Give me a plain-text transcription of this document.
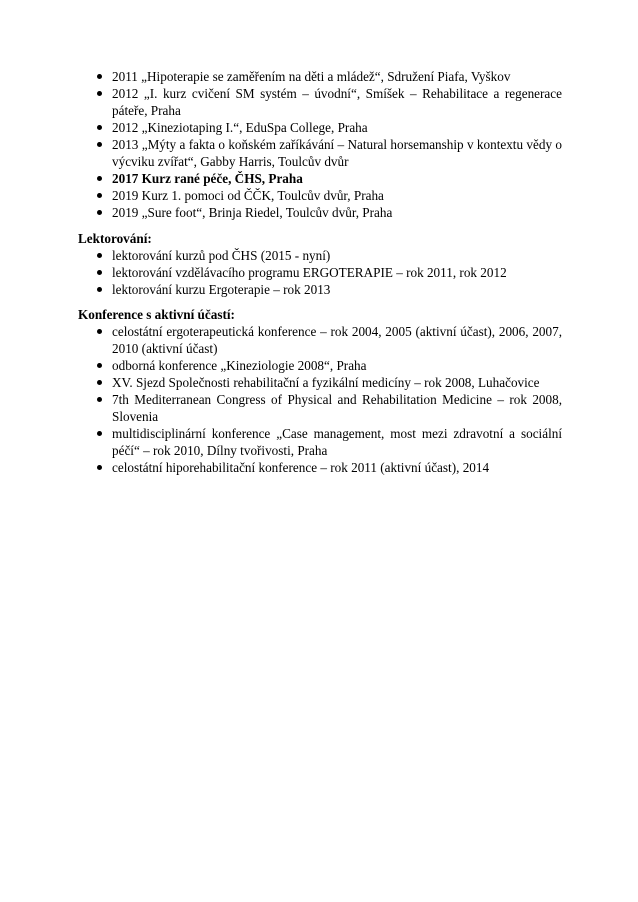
2011 „Hipoterapie se zaměřením na děti a mládež“, Sdružení Piafa, Vyškov
2012 „I. kurz cvičení SM systém – úvodní“, Smíšek – Rehabilitace a regenerace páteře, Praha
2012 „Kineziotaping I.“, EduSpa College, Praha
2013 „Mýty a fakta o koňském zaříkávání – Natural horsemanship v kontextu vědy o výcviku zvířat“, Gabby Harris, Toulcův dvůr
2017 Kurz rané péče, ČHS, Praha
2019 Kurz 1. pomoci od ČČK, Toulcův dvůr, Praha
2019 „Sure foot“, Brinja Riedel, Toulcův dvůr, Praha

Lektorování:

lektorování kurzů pod ČHS (2015 - nyní)
lektorování vzdělávacího programu ERGOTERAPIE – rok 2011, rok 2012
lektorování kurzu Ergoterapie – rok 2013

Konference s aktivní účastí:

celostátní ergoterapeutická konference – rok 2004, 2005 (aktivní účast), 2006, 2007, 2010 (aktivní účast)
odborná konference „Kineziologie 2008“, Praha
XV. Sjezd Společnosti rehabilitační a fyzikální medicíny – rok 2008, Luhačovice
7th Mediterranean Congress of Physical and Rehabilitation Medicine – rok 2008, Slovenia
multidisciplinární konference „Case management, most mezi zdravotní a sociální péčí“ – rok 2010, Dílny tvořivosti, Praha
celostátní hiporehabilitační konference – rok 2011 (aktivní účast), 2014
